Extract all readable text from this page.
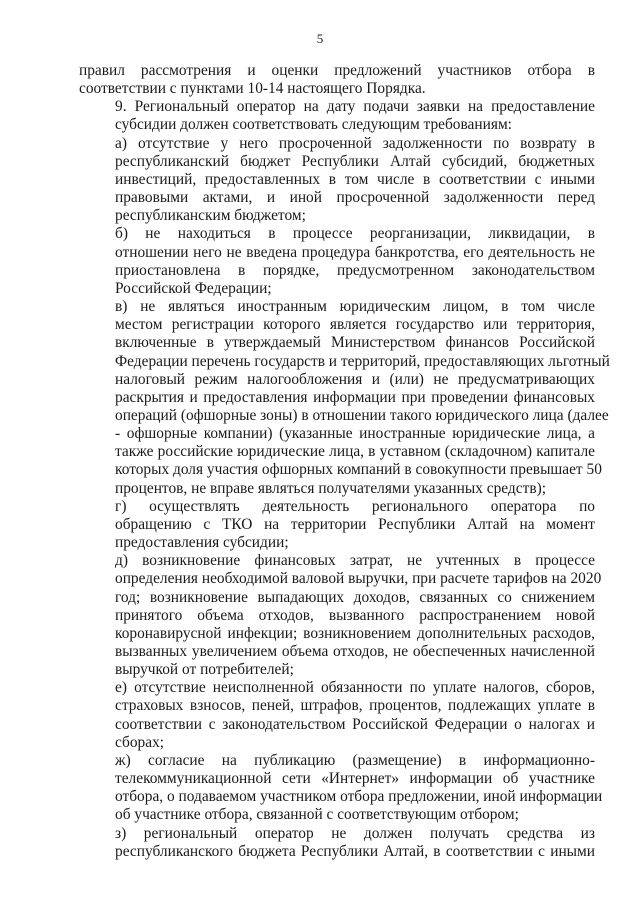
5

правил рассмотрения и оценки предложений участников отбора в
соответствии с пунктами 10-14 настоящего Порядка.

9. Региональный оператор на дату подачи заявки на предоставление
субсидии должен соответствовать следующим требованиям:

а) отсутствие у него просроченной задолженности по возврату в
республиканский бюджет Республики Алтай субсидий, бюджетных
инвестиций, предоставленных в том числе в соответствии с иными
правовыми актами, и иной просроченной задолженности перед
республиканским бюджетом;

б) не находиться в процессе реорганизации, ликвидации, в
отношении него не введена процедура банкротства, его деятельность не
приостановлена в порядке, предусмотренном законодательством
Российской Федерации;

в) не являться иностранным юридическим лицом, в том числе
местом регистрации которого является государство или территория,
включенные в утверждаемый Министерством финансов Российской
Федерации перечень государств и территорий, предоставляющих льготный
налоговый режим налогообложения и (или) не предусматривающих
раскрытия и предоставления информации при проведении финансовых
операций (офшорные зоны) в отношении такого юридического лица (далее
- офшорные компании) (указанные иностранные юридические лица, а
также российские юридические лица, в уставном (складочном) капитале
которых доля участия офшорных компаний в совокупности превышает 50
процентов, не вправе являться получателями указанных средств);

г) осуществлять деятельность регионального оператора по
обращению с ТКО на территории Республики Алтай на момент
предоставления субсидии;

д) возникновение финансовых затрат, не учтенных в процессе
определения необходимой валовой выручки, при расчете тарифов на 2020
год; возникновение выпадающих доходов, связанных со снижением
принятого объема отходов, вызванного распространением новой
коронавирусной инфекции; возникновением дополнительных расходов,
вызванных увеличением объема отходов, не обеспеченных начисленной
выручкой от потребителей;

е) отсутствие неисполненной обязанности по уплате налогов, сборов,
страховых взносов, пеней, штрафов, процентов, подлежащих уплате в
соответствии с законодательством Российской Федерации о налогах и
сборах;

ж) согласие на публикацию (размещение) в информационно-
телекоммуникационной сети «Интернет» информации об участнике
отбора, о подаваемом участником отбора предложении, иной информации
об участнике отбора, связанной с соответствующим отбором;

з) региональный оператор не должен получать средства из
республиканского бюджета Республики Алтай, в соответствии с иными
